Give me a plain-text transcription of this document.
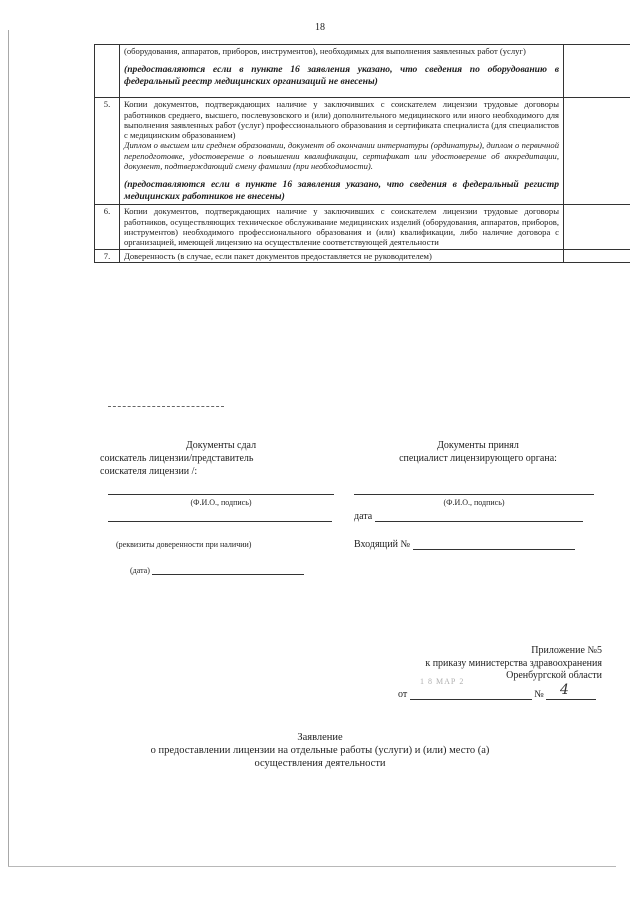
18

	(оборудования, аппаратов, приборов, инструментов), необходимых для выполнения заявленных работ (услуг)
(предоставляются если в пункте 16 заявления указано, что сведения по оборудованию в федеральный реестр медицинских организаций не внесены)	

5.	Копии документов, подтверждающих наличие у заключивших с соискателем лицензии трудовые договоры работников среднего, высшего, послевузовского и (или) дополнительного медицинского или иного необходимого для выполнения заявленных работ (услуг) профессионального образования и сертификата специалиста (для специалистов с медицинским образованием)
Диплом о высшем или среднем образовании, документ об окончании интернатуры (ординатуры), диплом о первичной переподготовке, удостоверение о повышении квалификации, сертификат или удостоверение об аккредитации, документ, подтверждающий смену фамилии (при необходимости).
(предоставляются если в пункте 16 заявления указано, что сведения в федеральный регистр медицинских работников не внесены)	

6.	Копии документов, подтверждающих наличие у заключивших с соискателем лицензии трудовые договоры работников, осуществляющих техническое обслуживание медицинских изделий (оборудования, аппаратов, приборов, инструментов) необходимого профессионального образования и (или) квалификации, либо наличие договора с организацией, имеющей лицензию на осуществление соответствующей деятельности	
7.	Доверенность (в случае, если пакет документов предоставляется не руководителем)	
Документы сдал
соискатель лицензии/представитель
соискателя лицензии /:
Документы принял
специалист лицензирующего органа:
(Ф.И.О., подпись)	(Ф.И.О., подпись)
дата
(реквизиты доверенности при наличии)	Входящий №
(дата)
Приложение №5
к приказу министерства здравоохранения
Оренбургской области
1 8 МАР 2
от	№	4
Заявление
о предоставлении лицензии на отдельные работы (услуги) и (или) место (а)
осуществления деятельности
